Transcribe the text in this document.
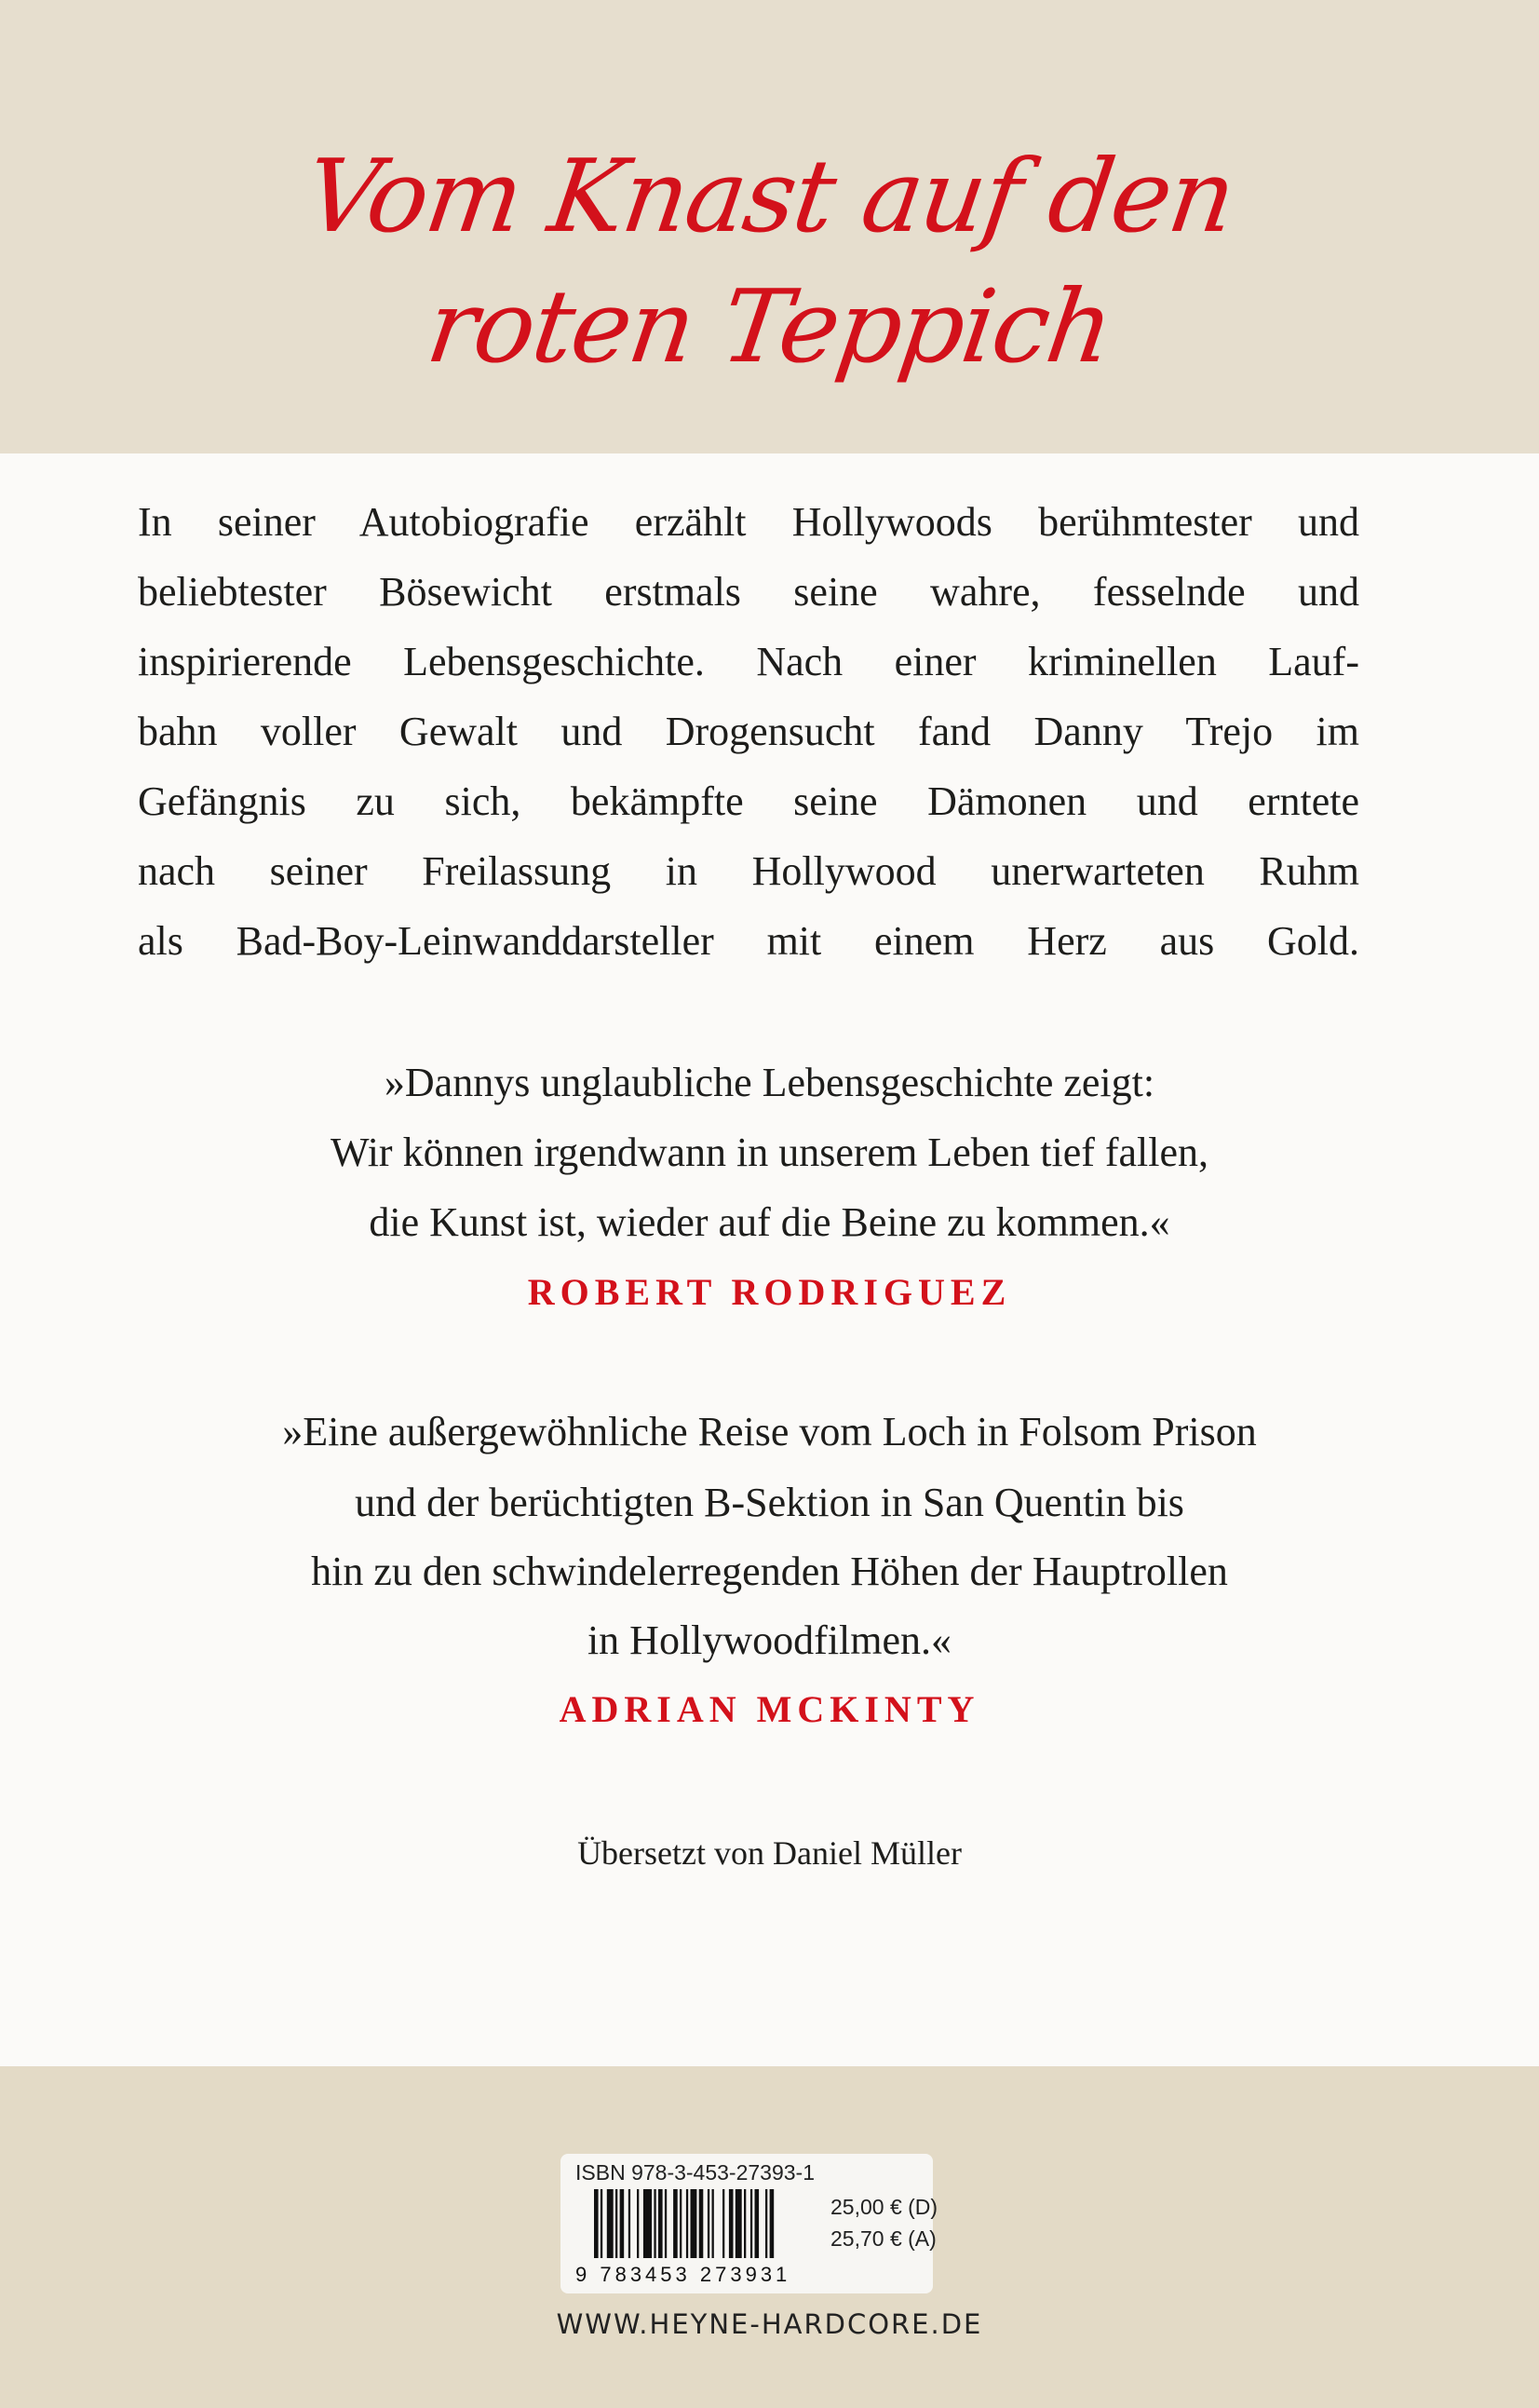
Vom Knast auf den
roten Teppich
In seiner Autobiografie erzählt Hollywoods berühmtester und
beliebtester Bösewicht erstmals seine wahre, fesselnde und
inspirierende Lebensgeschichte. Nach einer kriminellen Lauf-
bahn voller Gewalt und Drogensucht fand Danny Trejo im
Gefängnis zu sich, bekämpfte seine Dämonen und erntete
nach seiner Freilassung in Hollywood unerwarteten Ruhm
als Bad-Boy-Leinwanddarsteller mit einem Herz aus Gold.
»Dannys unglaubliche Lebensgeschichte zeigt:
Wir können irgendwann in unserem Leben tief fallen,
die Kunst ist, wieder auf die Beine zu kommen.«
ROBERT RODRIGUEZ
»Eine außergewöhnliche Reise vom Loch in Folsom Prison
und der berüchtigten B-Sektion in San Quentin bis
hin zu den schwindelerregenden Höhen der Hauptrollen
in Hollywoodfilmen.«
ADRIAN MCKINTY
Übersetzt von Daniel Müller
ISBN 978-3-453-27393-1
9 783453 273931
25,00 € (D)
25,70 € (A)
WWW.HEYNE-HARDCORE.DE
